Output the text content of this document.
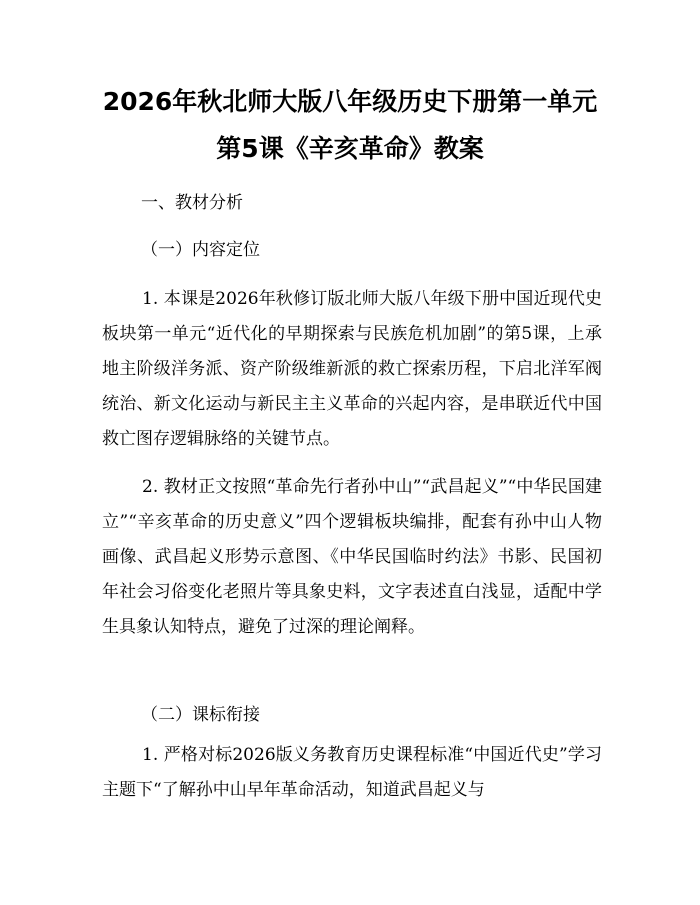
2026年秋北师大版八年级历史下册第一单元
第5课《辛亥革命》教案

一、教材分析

（一）内容定位

1. 本课是2026年秋修订版北师大版八年级下册中国近现代史板块第一单元“近代化的早期探索与民族危机加剧”的第5课，上承地主阶级洋务派、资产阶级维新派的救亡探索历程，下启北洋军阀统治、新文化运动与新民主主义革命的兴起内容，是串联近代中国救亡图存逻辑脉络的关键节点。

2. 教材正文按照“革命先行者孙中山”“武昌起义”“中华民国建立”“辛亥革命的历史意义”四个逻辑板块编排，配套有孙中山人物画像、武昌起义形势示意图、《中华民国临时约法》书影、民国初年社会习俗变化老照片等具象史料，文字表述直白浅显，适配中学生具象认知特点，避免了过深的理论阐释。

（二）课标衔接

1. 严格对标2026版义务教育历史课程标准“中国近代史”学习主题下“了解孙中山早年革命活动，知道武昌起义与
